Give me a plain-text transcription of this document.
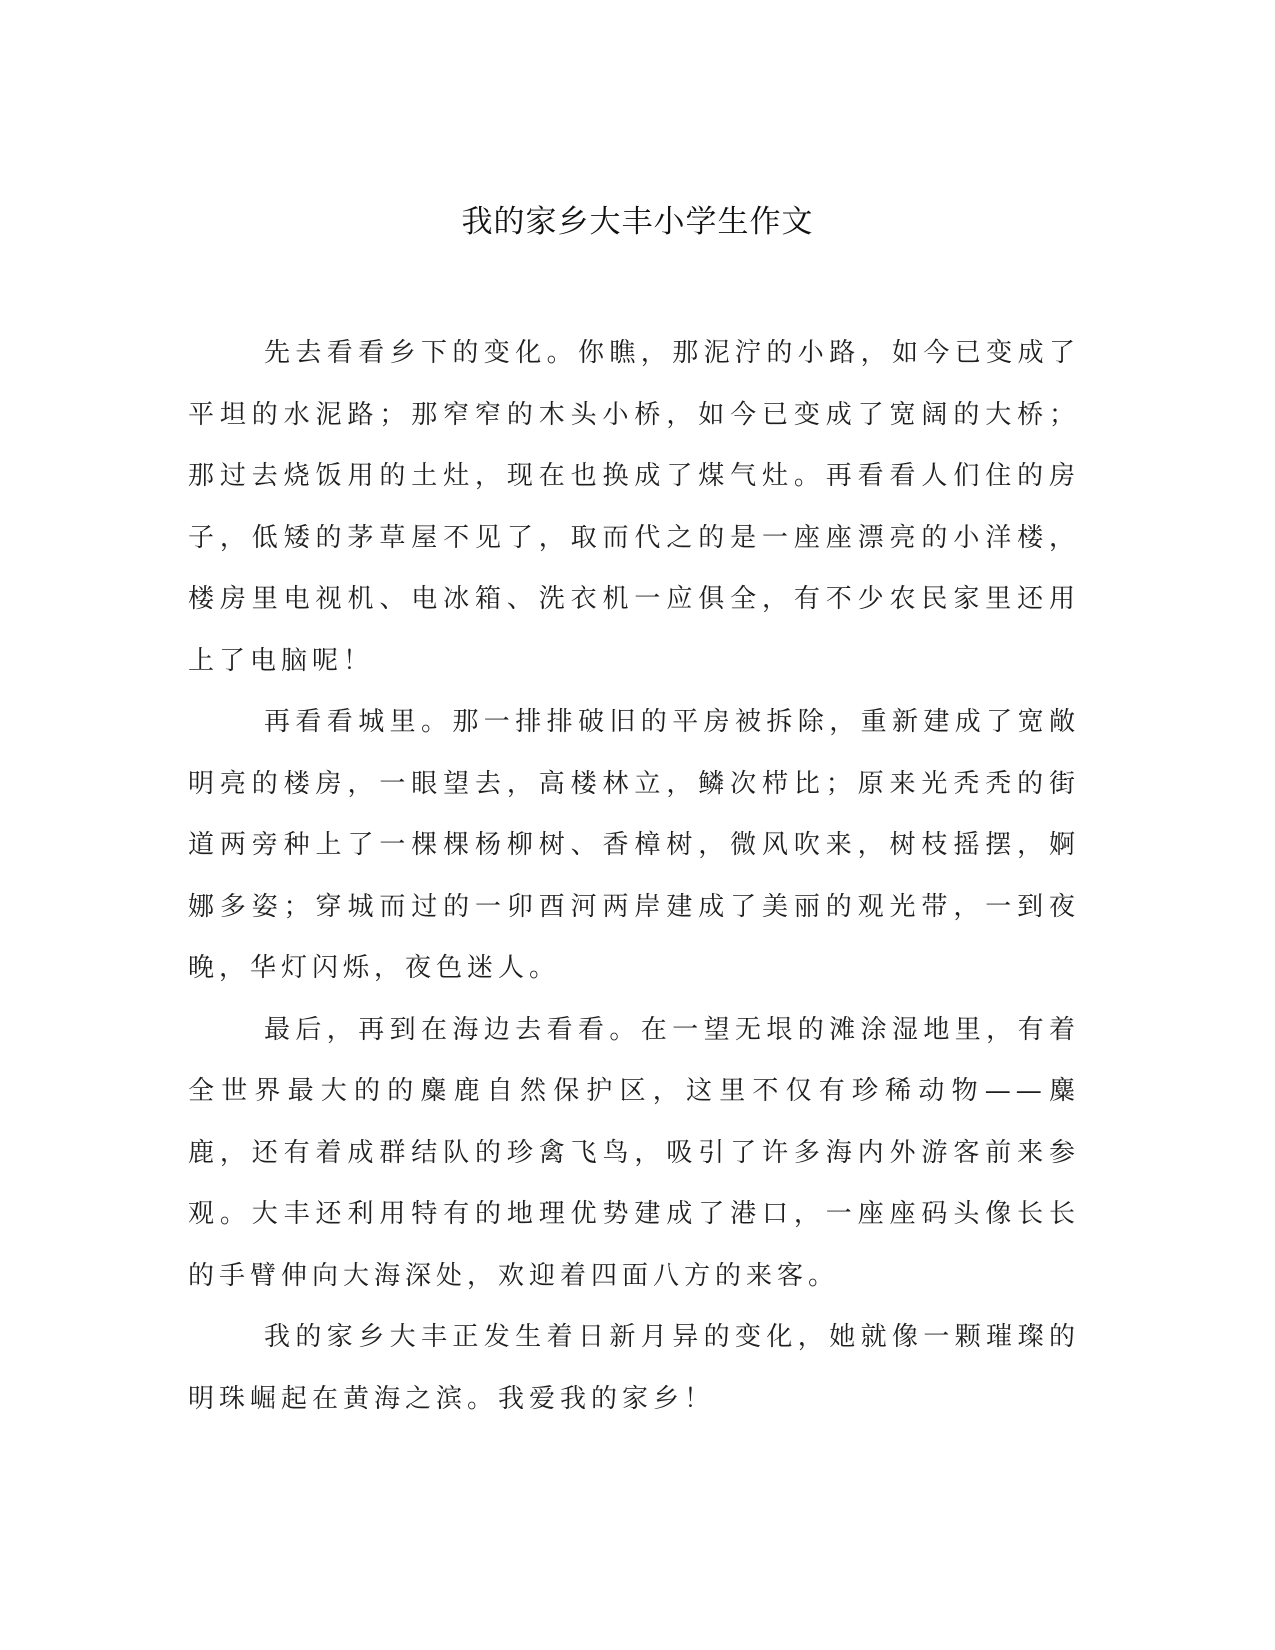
我的家乡大丰小学生作文

先去看看乡下的变化。你瞧，那泥泞的小路，如今已变成了平坦的水泥路；那窄窄的木头小桥，如今已变成了宽阔的大桥；那过去烧饭用的土灶，现在也换成了煤气灶。再看看人们住的房子，低矮的茅草屋不见了，取而代之的是一座座漂亮的小洋楼，楼房里电视机、电冰箱、洗衣机一应俱全，有不少农民家里还用上了电脑呢！

再看看城里。那一排排破旧的平房被拆除，重新建成了宽敞明亮的楼房，一眼望去，高楼林立，鳞次栉比；原来光秃秃的街道两旁种上了一棵棵杨柳树、香樟树，微风吹来，树枝摇摆，婀娜多姿；穿城而过的一卯酉河两岸建成了美丽的观光带，一到夜晚，华灯闪烁，夜色迷人。

最后，再到在海边去看看。在一望无垠的滩涂湿地里，有着全世界最大的的麋鹿自然保护区，这里不仅有珍稀动物——麋鹿，还有着成群结队的珍禽飞鸟，吸引了许多海内外游客前来参观。大丰还利用特有的地理优势建成了港口，一座座码头像长长的手臂伸向大海深处，欢迎着四面八方的来客。

我的家乡大丰正发生着日新月异的变化，她就像一颗璀璨的明珠崛起在黄海之滨。我爱我的家乡！
